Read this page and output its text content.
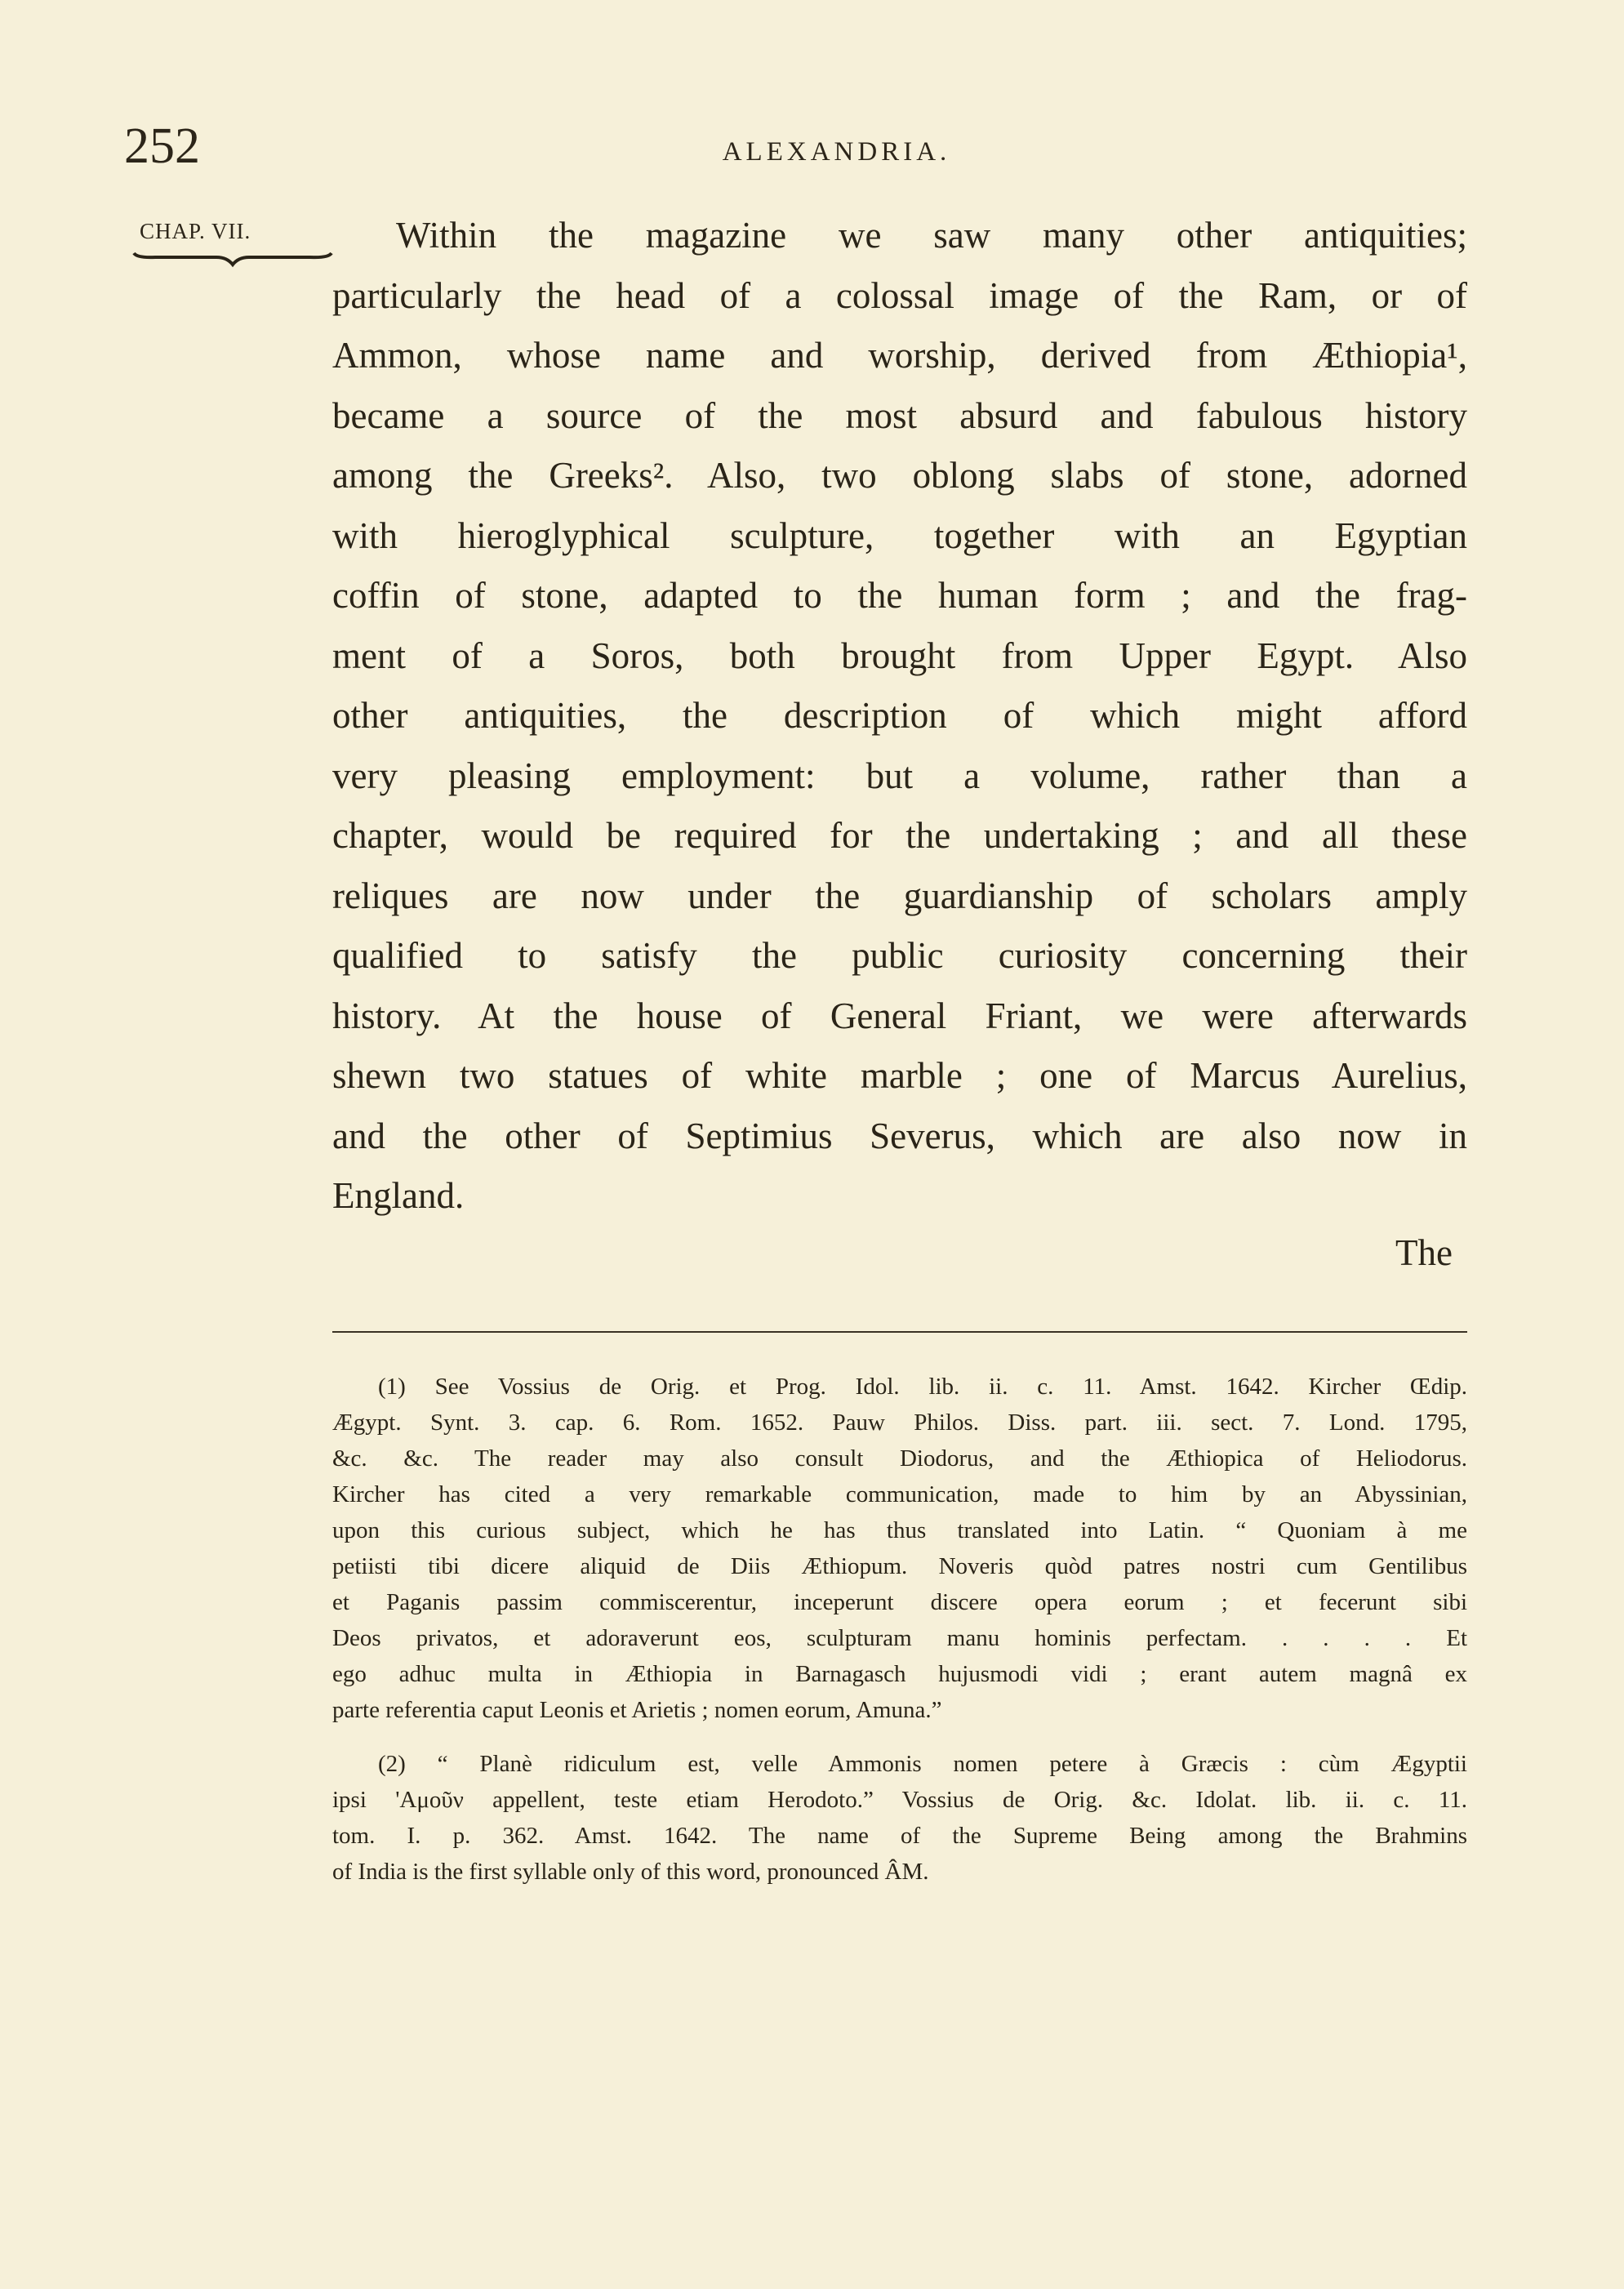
252	ALEXANDRIA.
CHAP. VII.	Within the magazine we saw many other antiquities;
particularly the head of a colossal image of the Ram, or of
Ammon, whose name and worship, derived from Æthiopia¹,
became a source of the most absurd and fabulous history
among the Greeks². Also, two oblong slabs of stone, adorned
with hieroglyphical sculpture, together with an Egyptian
coffin of stone, adapted to the human form ; and the frag-
ment of a Soros, both brought from Upper Egypt. Also
other antiquities, the description of which might afford
very pleasing employment: but a volume, rather than a
chapter, would be required for the undertaking ; and all these
reliques are now under the guardianship of scholars amply
qualified to satisfy the public curiosity concerning their
history. At the house of General Friant, we were afterwards
shewn two statues of white marble ; one of Marcus Aurelius,
and the other of Septimius Severus, which are also now in
England.
The
(1) See Vossius de Orig. et Prog. Idol. lib. ii. c. 11. Amst. 1642. Kircher Œdip.
Ægypt. Synt. 3. cap. 6. Rom. 1652. Pauw Philos. Diss. part. iii. sect. 7. Lond. 1795,
&c. &c. The reader may also consult Diodorus, and the Æthiopica of Heliodorus.
Kircher has cited a very remarkable communication, made to him by an Abyssinian,
upon this curious subject, which he has thus translated into Latin. “ Quoniam à me
petiisti tibi dicere aliquid de Diis Æthiopum. Noveris quòd patres nostri cum Gentilibus
et Paganis passim commiscerentur, inceperunt discere opera eorum ; et fecerunt sibi
Deos privatos, et adoraverunt eos, sculpturam manu hominis perfectam. . . . . Et
ego adhuc multa in Æthiopia in Barnagasch hujusmodi vidi ; erant autem magnâ ex
parte referentia caput Leonis et Arietis ; nomen eorum, Amuna.”
(2) “ Planè ridiculum est, velle Ammonis nomen petere à Græcis : cùm Ægyptii
ipsi 'Αμοῦν appellent, teste etiam Herodoto.” Vossius de Orig. &c. Idolat. lib. ii. c. 11.
tom. I. p. 362. Amst. 1642. The name of the Supreme Being among the Brahmins
of India is the first syllable only of this word, pronounced ÂM.
